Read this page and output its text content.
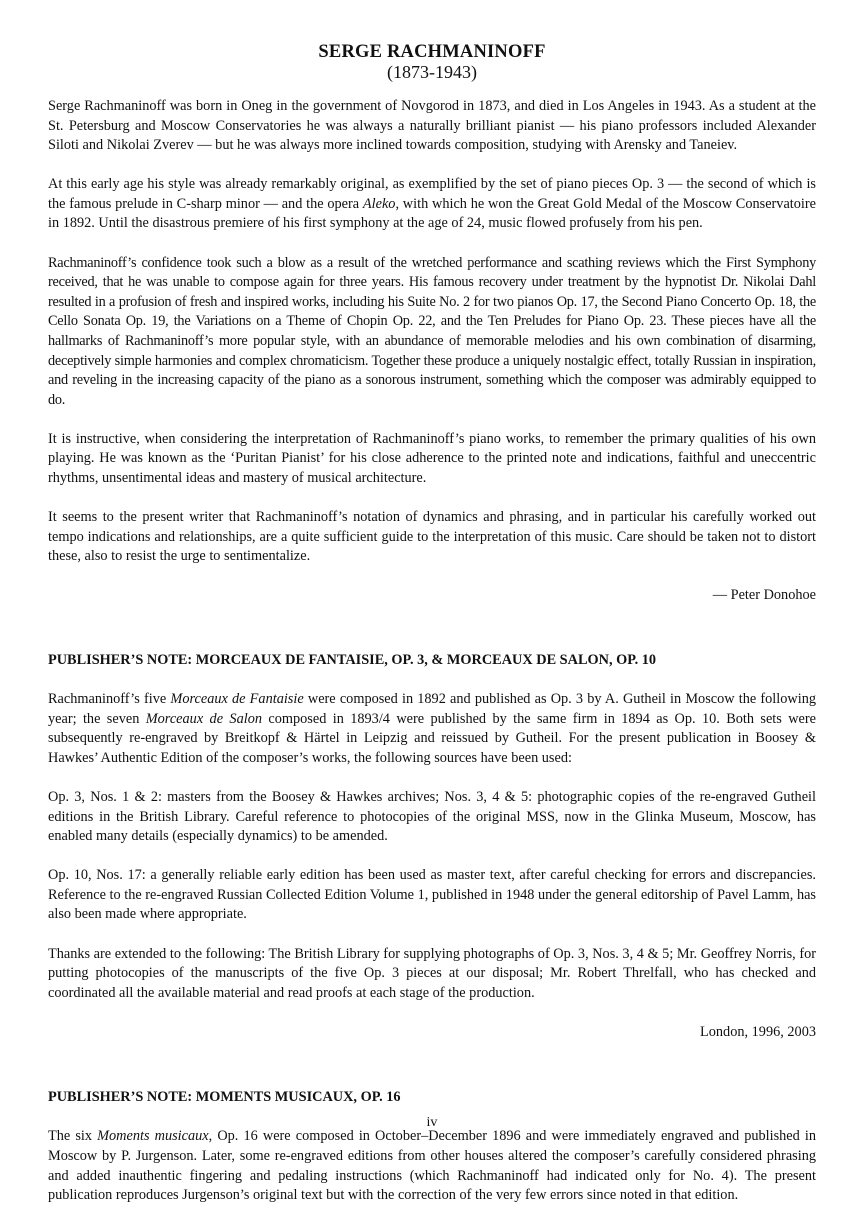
SERGE RACHMANINOFF
(1873-1943)

Serge Rachmaninoff was born in Oneg in the government of Novgorod in 1873, and died in Los Angeles in 1943. As a student at the St. Petersburg and Moscow Conservatories he was always a naturally brilliant pianist — his piano professors included Alexander Siloti and Nikolai Zverev — but he was always more inclined towards composition, studying with Arensky and Taneiev.

At this early age his style was already remarkably original, as exemplified by the set of piano pieces Op. 3 — the second of which is the famous prelude in C-sharp minor — and the opera Aleko, with which he won the Great Gold Medal of the Moscow Conservatoire in 1892. Until the disastrous premiere of his first symphony at the age of 24, music flowed profusely from his pen.

Rachmaninoff’s confidence took such a blow as a result of the wretched performance and scathing reviews which the First Symphony received, that he was unable to compose again for three years. His famous recovery under treatment by the hypnotist Dr. Nikolai Dahl resulted in a profusion of fresh and inspired works, including his Suite No. 2 for two pianos Op. 17, the Second Piano Concerto Op. 18, the Cello Sonata Op. 19, the Variations on a Theme of Chopin Op. 22, and the Ten Preludes for Piano Op. 23. These pieces have all the hallmarks of Rachmaninoff’s more popular style, with an abundance of memorable melodies and his own combination of disarming, deceptively simple harmonies and complex chromaticism. Together these produce a uniquely nostalgic effect, totally Russian in inspiration, and reveling in the increasing capacity of the piano as a sonorous instrument, something which the composer was admirably equipped to do.

It is instructive, when considering the interpretation of Rachmaninoff’s piano works, to remember the primary qualities of his own playing. He was known as the ‘Puritan Pianist’ for his close adherence to the printed note and indications, faithful and uneccentric rhythms, unsentimental ideas and mastery of musical architecture.

It seems to the present writer that Rachmaninoff’s notation of dynamics and phrasing, and in particular his carefully worked out tempo indications and relationships, are a quite sufficient guide to the interpretation of this music. Care should be taken not to distort these, also to resist the urge to sentimentalize.

— Peter Donohoe
PUBLISHER’S NOTE: MORCEAUX DE FANTAISIE, OP. 3, & MORCEAUX DE SALON, OP. 10

Rachmaninoff’s five Morceaux de Fantaisie were composed in 1892 and published as Op. 3 by A. Gutheil in Moscow the following year; the seven Morceaux de Salon composed in 1893/4 were published by the same firm in 1894 as Op. 10. Both sets were subsequently re-engraved by Breitkopf & Härtel in Leipzig and reissued by Gutheil. For the present publication in Boosey & Hawkes’ Authentic Edition of the composer’s works, the following sources have been used:

Op. 3, Nos. 1 & 2: masters from the Boosey & Hawkes archives; Nos. 3, 4 & 5: photographic copies of the re-engraved Gutheil editions in the British Library. Careful reference to photocopies of the original MSS, now in the Glinka Museum, Moscow, has enabled many details (especially dynamics) to be amended.

Op. 10, Nos. 17: a generally reliable early edition has been used as master text, after careful checking for errors and discrepancies. Reference to the re-engraved Russian Collected Edition Volume 1, published in 1948 under the general editorship of Pavel Lamm, has also been made where appropriate.

Thanks are extended to the following: The British Library for supplying photographs of Op. 3, Nos. 3, 4 & 5; Mr. Geoffrey Norris, for putting photocopies of the manuscripts of the five Op. 3 pieces at our disposal; Mr. Robert Threlfall, who has checked and coordinated all the available material and read proofs at each stage of the production.

London, 1996, 2003
PUBLISHER’S NOTE: MOMENTS MUSICAUX, OP. 16

The six Moments musicaux, Op. 16 were composed in October–December 1896 and were immediately engraved and published in Moscow by P. Jurgenson. Later, some re-engraved editions from other houses altered the composer’s carefully considered phrasing and added inauthentic fingering and pedaling instructions (which Rachmaninoff had indicated only for No. 4). The present publication reproduces Jurgenson’s original text but with the correction of the very few errors since noted in that edition.

iv
